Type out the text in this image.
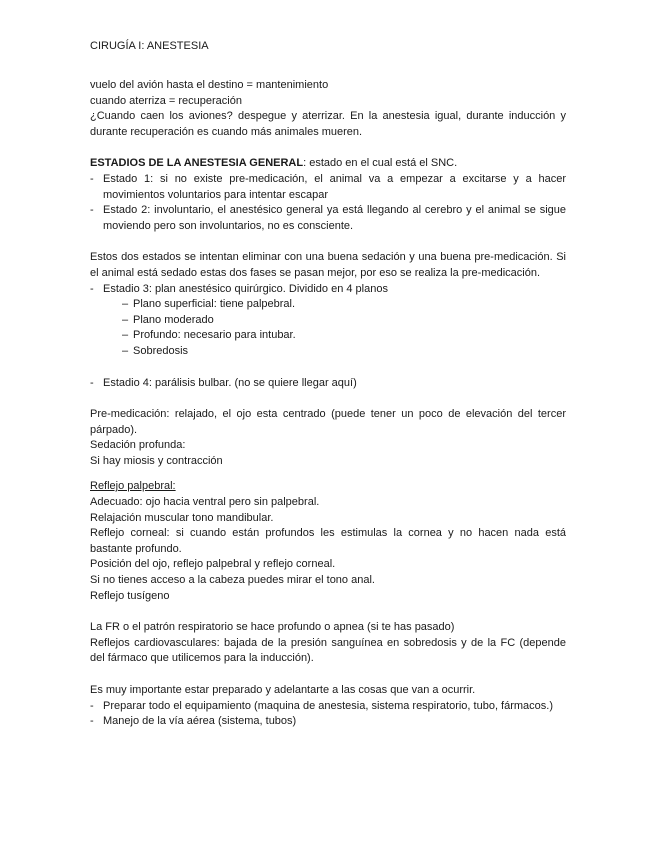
CIRUGÍA I: ANESTESIA

vuelo del avión hasta el destino = mantenimiento

cuando aterriza = recuperación

¿Cuando caen los aviones? despegue y aterrizar. En la anestesia igual, durante inducción y durante recuperación es cuando más animales mueren.

ESTADIOS DE LA ANESTESIA GENERAL: estado en el cual está el SNC.

- Estado 1: si no existe pre-medicación, el animal va a empezar a excitarse y a hacer movimientos voluntarios para intentar escapar
- Estado 2: involuntario, el anestésico general ya está llegando al cerebro y el animal se sigue moviendo pero son involuntarios, no es consciente.

Estos dos estados se intentan eliminar con una buena sedación y una buena pre-medicación. Si el animal está sedado estas dos fases se pasan mejor, por eso se realiza la pre-medicación.

- Estadio 3: plan anestésico quirúrgico. Dividido en 4 planos
– Plano superficial: tiene palpebral.
– Plano moderado
– Profundo: necesario para intubar.
– Sobredosis
- Estadio 4: parálisis bulbar. (no se quiere llegar aquí)

Pre-medicación: relajado, el ojo esta centrado (puede tener un poco de elevación del tercer párpado).

Sedación profunda:

Si hay miosis y contracción

Reflejo palpebral:

Adecuado: ojo hacia ventral pero sin palpebral.

Relajación muscular tono mandibular.

Reflejo corneal: si cuando están profundos les estimulas la cornea y no hacen nada está bastante profundo.

Posición del ojo, reflejo palpebral y reflejo corneal.

Si no tienes acceso a la cabeza puedes mirar el tono anal.

Reflejo tusígeno

La FR o el patrón respiratorio se hace profundo o apnea (si te has pasado)

Reflejos cardiovasculares: bajada de la presión sanguínea en sobredosis y de la FC (depende del fármaco que utilicemos para la inducción).

Es muy importante estar preparado y adelantarte a las cosas que van a ocurrir.

- Preparar todo el equipamiento (maquina de anestesia, sistema respiratorio, tubo, fármacos.)
- Manejo de la vía aérea (sistema, tubos)
